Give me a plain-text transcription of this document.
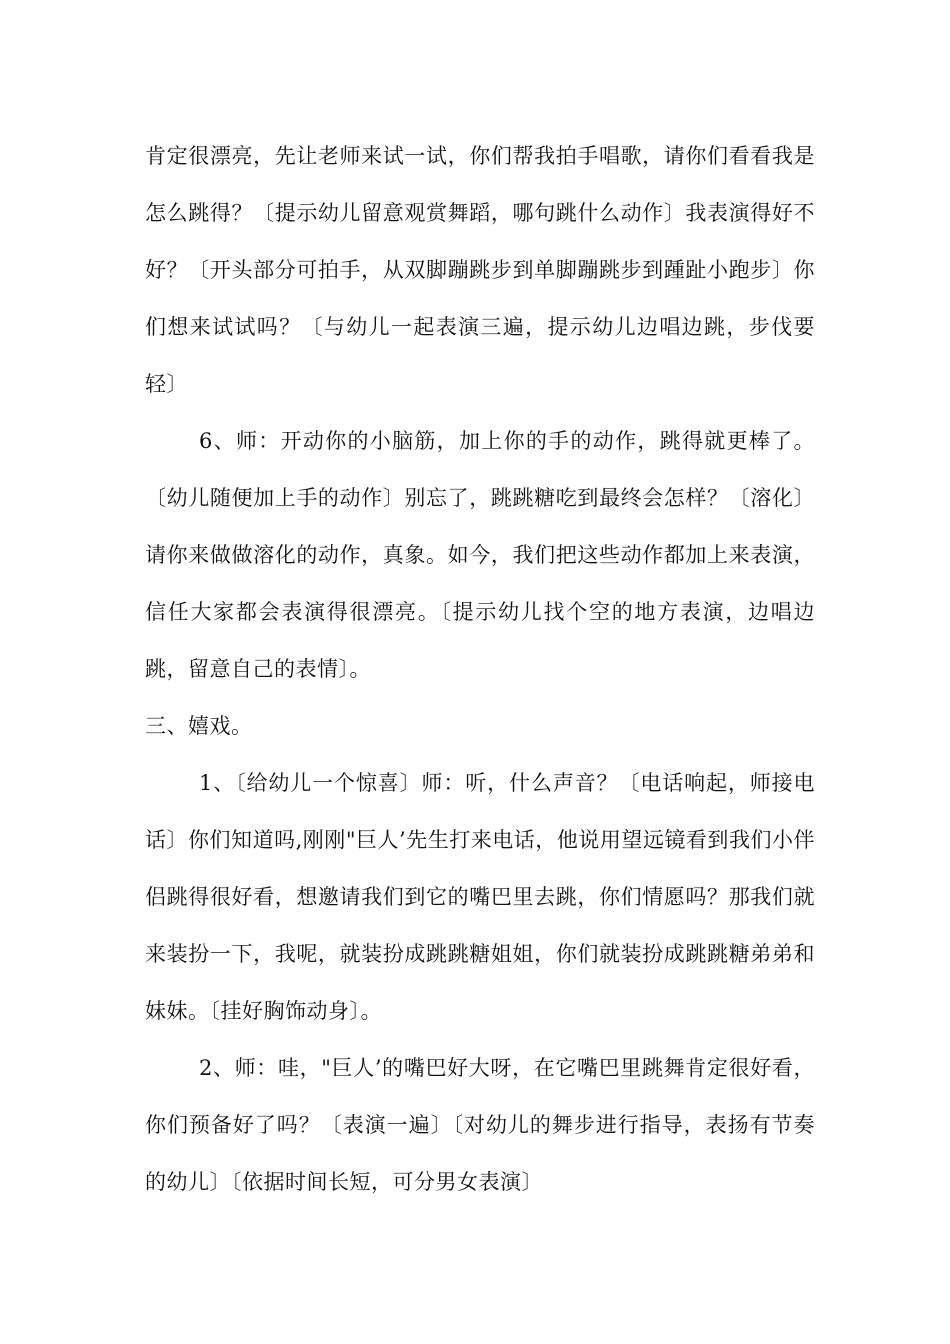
肯定很漂亮，先让老师来试一试，你们帮我拍手唱歌，请你们看看我是怎么跳得？〔提示幼儿留意观赏舞蹈，哪句跳什么动作〕我表演得好不好？〔开头部分可拍手，从双脚蹦跳步到单脚蹦跳步到踵趾小跑步〕你们想来试试吗？〔与幼儿一起表演三遍，提示幼儿边唱边跳，步伐要轻〕

6、师：开动你的小脑筋，加上你的手的动作，跳得就更棒了。〔幼儿随便加上手的动作〕别忘了，跳跳糖吃到最终会怎样？〔溶化〕请你来做做溶化的动作，真象。如今，我们把这些动作都加上来表演，信任大家都会表演得很漂亮。〔提示幼儿找个空的地方表演，边唱边跳，留意自己的表情〕。

三、嬉戏。

1、〔给幼儿一个惊喜〕师：听，什么声音？〔电话响起，师接电话〕你们知道吗,刚刚"巨人’先生打来电话，他说用望远镜看到我们小伴侣跳得很好看，想邀请我们到它的嘴巴里去跳，你们情愿吗？那我们就来装扮一下，我呢，就装扮成跳跳糖姐姐，你们就装扮成跳跳糖弟弟和妹妹。〔挂好胸饰动身〕。

2、师：哇，"巨人’的嘴巴好大呀，在它嘴巴里跳舞肯定很好看，你们预备好了吗？〔表演一遍〕〔对幼儿的舞步进行指导，表扬有节奏的幼儿〕〔依据时间长短，可分男女表演〕
